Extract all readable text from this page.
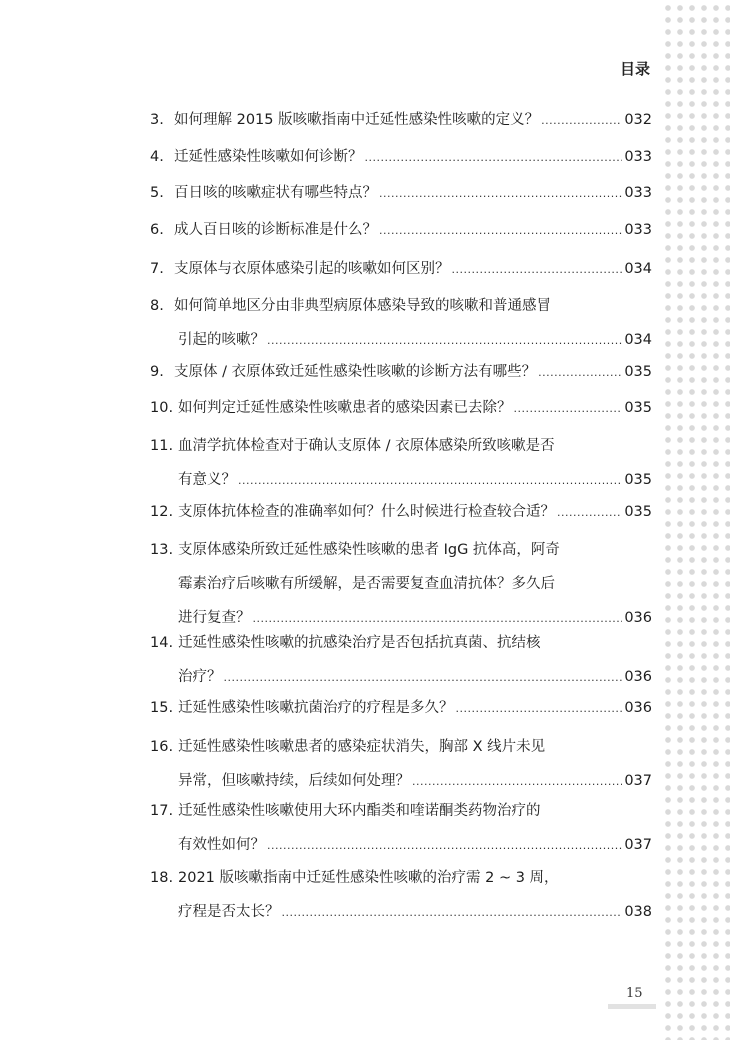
目录
3. 如何理解 2015 版咳嗽指南中迁延性感染性咳嗽的定义？ .....	032
4. 迁延性感染性咳嗽如何诊断？ .....	033
5. 百日咳的咳嗽症状有哪些特点？ .....	033
6. 成人百日咳的诊断标准是什么？ .....	033
7. 支原体与衣原体感染引起的咳嗽如何区别？ .....	034
8. 如何简单地区分由非典型病原体感染导致的咳嗽和普通感冒
引起的咳嗽？ .....	034
9. 支原体 / 衣原体致迁延性感染性咳嗽的诊断方法有哪些？ .....	035
10. 如何判定迁延性感染性咳嗽患者的感染因素已去除？ .....	035
11. 血清学抗体检查对于确认支原体 / 衣原体感染所致咳嗽是否
有意义？ .....	035
12. 支原体抗体检查的准确率如何？什么时候进行检查较合适？ .....	035
13. 支原体感染所致迁延性感染性咳嗽的患者 IgG 抗体高，阿奇
霉素治疗后咳嗽有所缓解，是否需要复查血清抗体？多久后
进行复查？ .....	036
14. 迁延性感染性咳嗽的抗感染治疗是否包括抗真菌、抗结核
治疗？ .....	036
15. 迁延性感染性咳嗽抗菌治疗的疗程是多久？ .....	036
16. 迁延性感染性咳嗽患者的感染症状消失，胸部 X 线片未见
异常，但咳嗽持续，后续如何处理？ .....	037
17. 迁延性感染性咳嗽使用大环内酯类和喹诺酮类药物治疗的
有效性如何？ .....	037
18. 2021 版咳嗽指南中迁延性感染性咳嗽的治疗需 2 ~ 3 周，
疗程是否太长？ .....	038
15
